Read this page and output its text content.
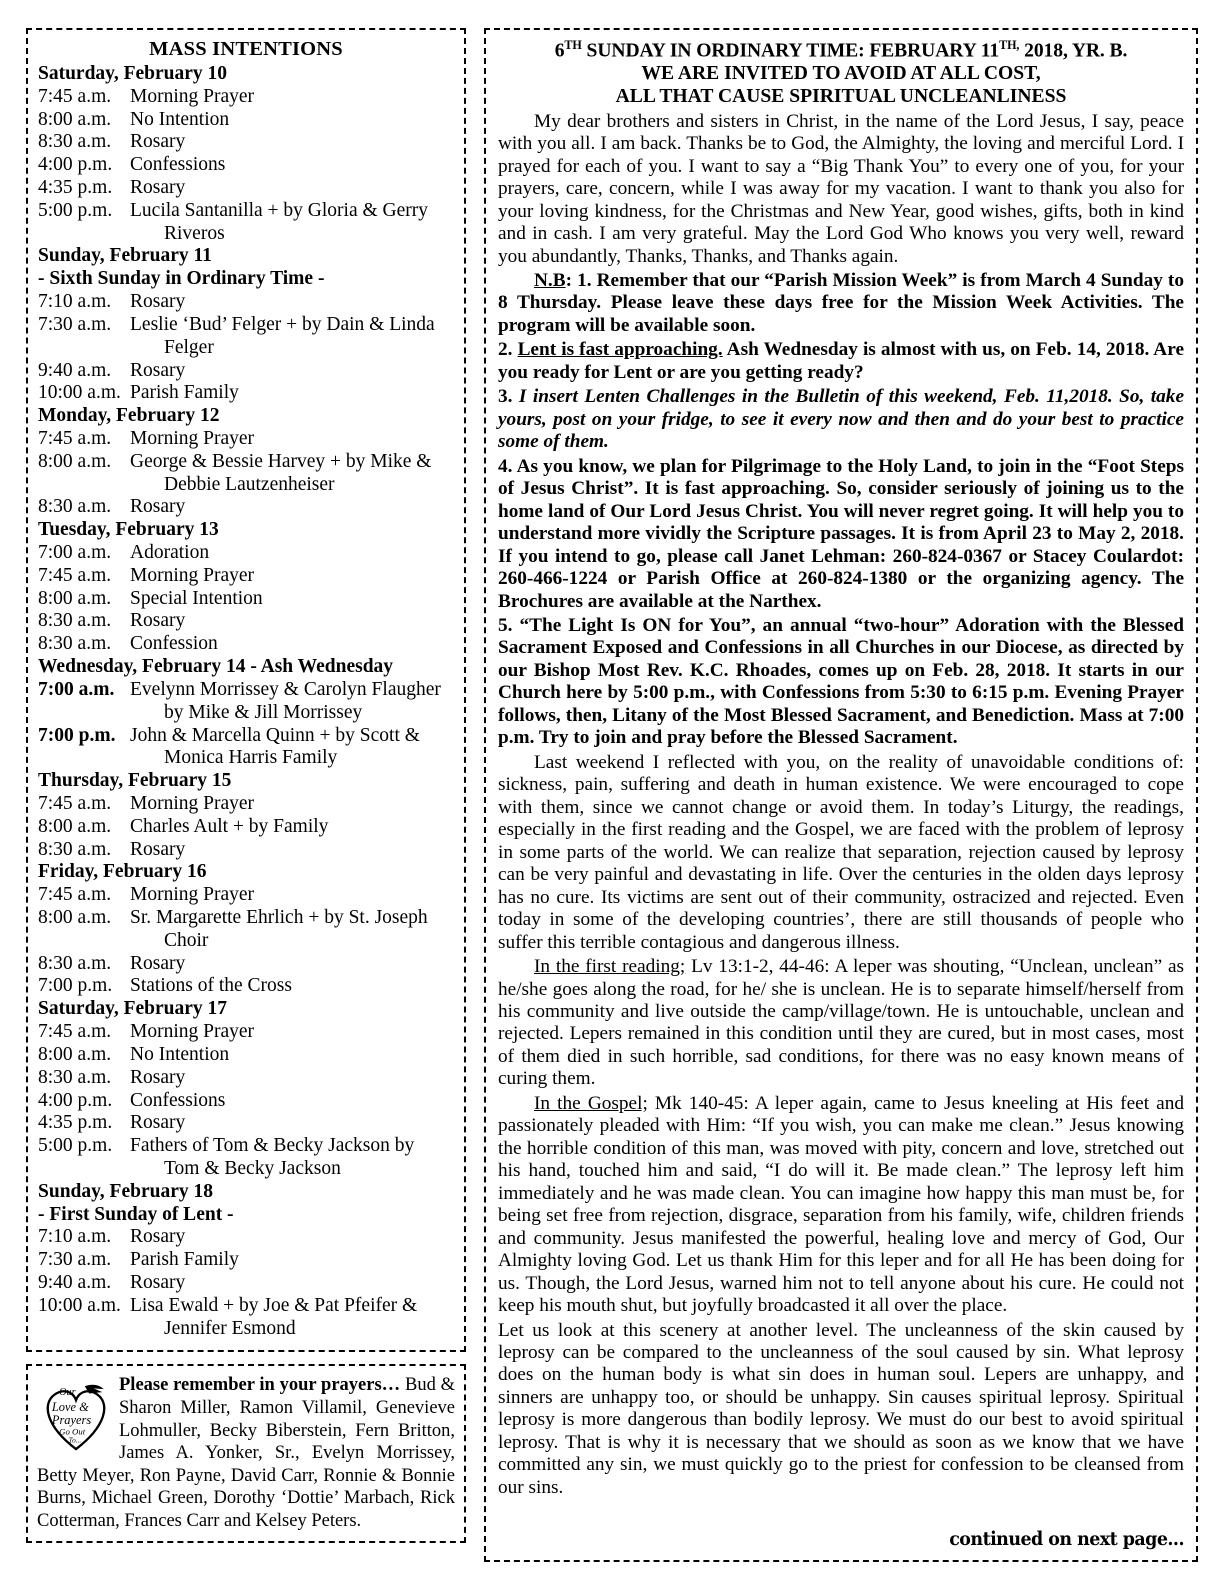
MASS INTENTIONS
Saturday, February 10
7:45 a.m. Morning Prayer
8:00 a.m. No Intention
8:30 a.m. Rosary
4:00 p.m. Confessions
4:35 p.m. Rosary
5:00 p.m. Lucila Santanilla + by Gloria & Gerry
Riveros
Sunday, February 11
- Sixth Sunday in Ordinary Time -
7:10 a.m. Rosary
7:30 a.m. Leslie ‘Bud’ Felger + by Dain & Linda
Felger
9:40 a.m. Rosary
10:00 a.m. Parish Family
Monday, February 12
7:45 a.m. Morning Prayer
8:00 a.m. George & Bessie Harvey + by Mike &
Debbie Lautzenheiser
8:30 a.m. Rosary
Tuesday, February 13
7:00 a.m. Adoration
7:45 a.m. Morning Prayer
8:00 a.m. Special Intention
8:30 a.m. Rosary
8:30 a.m. Confession
Wednesday, February 14 - Ash Wednesday
7:00 a.m. Evelynn Morrissey & Carolyn Flaugher
by Mike & Jill Morrissey
7:00 p.m. John & Marcella Quinn + by Scott &
Monica Harris Family
Thursday, February 15
7:45 a.m. Morning Prayer
8:00 a.m. Charles Ault + by Family
8:30 a.m. Rosary
Friday, February 16
7:45 a.m. Morning Prayer
8:00 a.m. Sr. Margarette Ehrlich + by St. Joseph
Choir
8:30 a.m. Rosary
7:00 p.m. Stations of the Cross
Saturday, February 17
7:45 a.m. Morning Prayer
8:00 a.m. No Intention
8:30 a.m. Rosary
4:00 p.m. Confessions
4:35 p.m. Rosary
5:00 p.m. Fathers of Tom & Becky Jackson by
Tom & Becky Jackson
Sunday, February 18
- First Sunday of Lent -
7:10 a.m. Rosary
7:30 a.m. Parish Family
9:40 a.m. Rosary
10:00 a.m. Lisa Ewald + by Joe & Pat Pfeifer &
Jennifer Esmond
Our
Love &
Prayers
Go Out
To...
Please remember in your prayers… Bud & Sharon Miller, Ramon Villamil, Genevieve Lohmuller, Becky Biberstein, Fern Britton, James A. Yonker, Sr., Evelyn Morrissey, Betty Meyer, Ron Payne, David Carr, Ronnie & Bonnie Burns, Michael Green, Dorothy ‘Dottie’ Marbach, Rick Cotterman, Frances Carr and Kelsey Peters.
6TH SUNDAY IN ORDINARY TIME: FEBRUARY $11^{TH,}$ 2018, YR. B.
WE ARE INVITED TO AVOID AT ALL COST,
ALL THAT CAUSE SPIRITUAL UNCLEANLINESS

My dear brothers and sisters in Christ, in the name of the Lord Jesus, I say, peace with you all. I am back. Thanks be to God, the Almighty, the loving and merciful Lord. I prayed for each of you. I want to say a “Big Thank You” to every one of you, for your prayers, care, concern, while I was away for my vacation. I want to thank you also for your loving kindness, for the Christmas and New Year, good wishes, gifts, both in kind and in cash. I am very grateful. May the Lord God Who knows you very well, reward you abundantly, Thanks, Thanks, and Thanks again.

N.B: 1. Remember that our “Parish Mission Week” is from March 4 Sunday to 8 Thursday. Please leave these days free for the Mission Week Activities. The program will be available soon.

2. Lent is fast approaching. Ash Wednesday is almost with us, on Feb. 14, 2018. Are you ready for Lent or are you getting ready?

3. I insert Lenten Challenges in the Bulletin of this weekend, Feb. 11,2018. So, take yours, post on your fridge, to see it every now and then and do your best to practice some of them.

4. As you know, we plan for Pilgrimage to the Holy Land, to join in the “Foot Steps of Jesus Christ”. It is fast approaching. So, consider seriously of joining us to the home land of Our Lord Jesus Christ. You will never regret going. It will help you to understand more vividly the Scripture passages. It is from April 23 to May 2, 2018. If you intend to go, please call Janet Lehman: 260-824-0367 or Stacey Coulardot: 260-466-1224 or Parish Office at 260-824-1380 or the organizing agency. The Brochures are available at the Narthex.

5. “The Light Is ON for You”, an annual “two-hour” Adoration with the Blessed Sacrament Exposed and Confessions in all Churches in our Diocese, as directed by our Bishop Most Rev. K.C. Rhoades, comes up on Feb. 28, 2018. It starts in our Church here by 5:00 p.m., with Confessions from 5:30 to 6:15 p.m. Evening Prayer follows, then, Litany of the Most Blessed Sacrament, and Benediction. Mass at 7:00 p.m. Try to join and pray before the Blessed Sacrament.

Last weekend I reflected with you, on the reality of unavoidable conditions of: sickness, pain, suffering and death in human existence. We were encouraged to cope with them, since we cannot change or avoid them. In today’s Liturgy, the readings, especially in the first reading and the Gospel, we are faced with the problem of leprosy in some parts of the world. We can realize that separation, rejection caused by leprosy can be very painful and devastating in life. Over the centuries in the olden days leprosy has no cure. Its victims are sent out of their community, ostracized and rejected. Even today in some of the developing countries’, there are still thousands of people who suffer this terrible contagious and dangerous illness.

In the first reading; Lv 13:1-2, 44-46: A leper was shouting, “Unclean, unclean” as he/she goes along the road, for he/ she is unclean. He is to separate himself/herself from his community and live outside the camp/village/town. He is untouchable, unclean and rejected. Lepers remained in this condition until they are cured, but in most cases, most of them died in such horrible, sad conditions, for there was no easy known means of curing them.

In the Gospel; Mk 140-45: A leper again, came to Jesus kneeling at His feet and passionately pleaded with Him: “If you wish, you can make me clean.” Jesus knowing the horrible condition of this man, was moved with pity, concern and love, stretched out his hand, touched him and said, “I do will it. Be made clean.” The leprosy left him immediately and he was made clean. You can imagine how happy this man must be, for being set free from rejection, disgrace, separation from his family, wife, children friends and community. Jesus manifested the powerful, healing love and mercy of God, Our Almighty loving God. Let us thank Him for this leper and for all He has been doing for us. Though, the Lord Jesus, warned him not to tell anyone about his cure. He could not keep his mouth shut, but joyfully broadcasted it all over the place.

Let us look at this scenery at another level. The uncleanness of the skin caused by leprosy can be compared to the uncleanness of the soul caused by sin. What leprosy does on the human body is what sin does in human soul. Lepers are unhappy, and sinners are unhappy too, or should be unhappy. Sin causes spiritual leprosy. Spiritual leprosy is more dangerous than bodily leprosy. We must do our best to avoid spiritual leprosy. That is why it is necessary that we should as soon as we know that we have committed any sin, we must quickly go to the priest for confession to be cleansed from our sins.

continued on next page...
